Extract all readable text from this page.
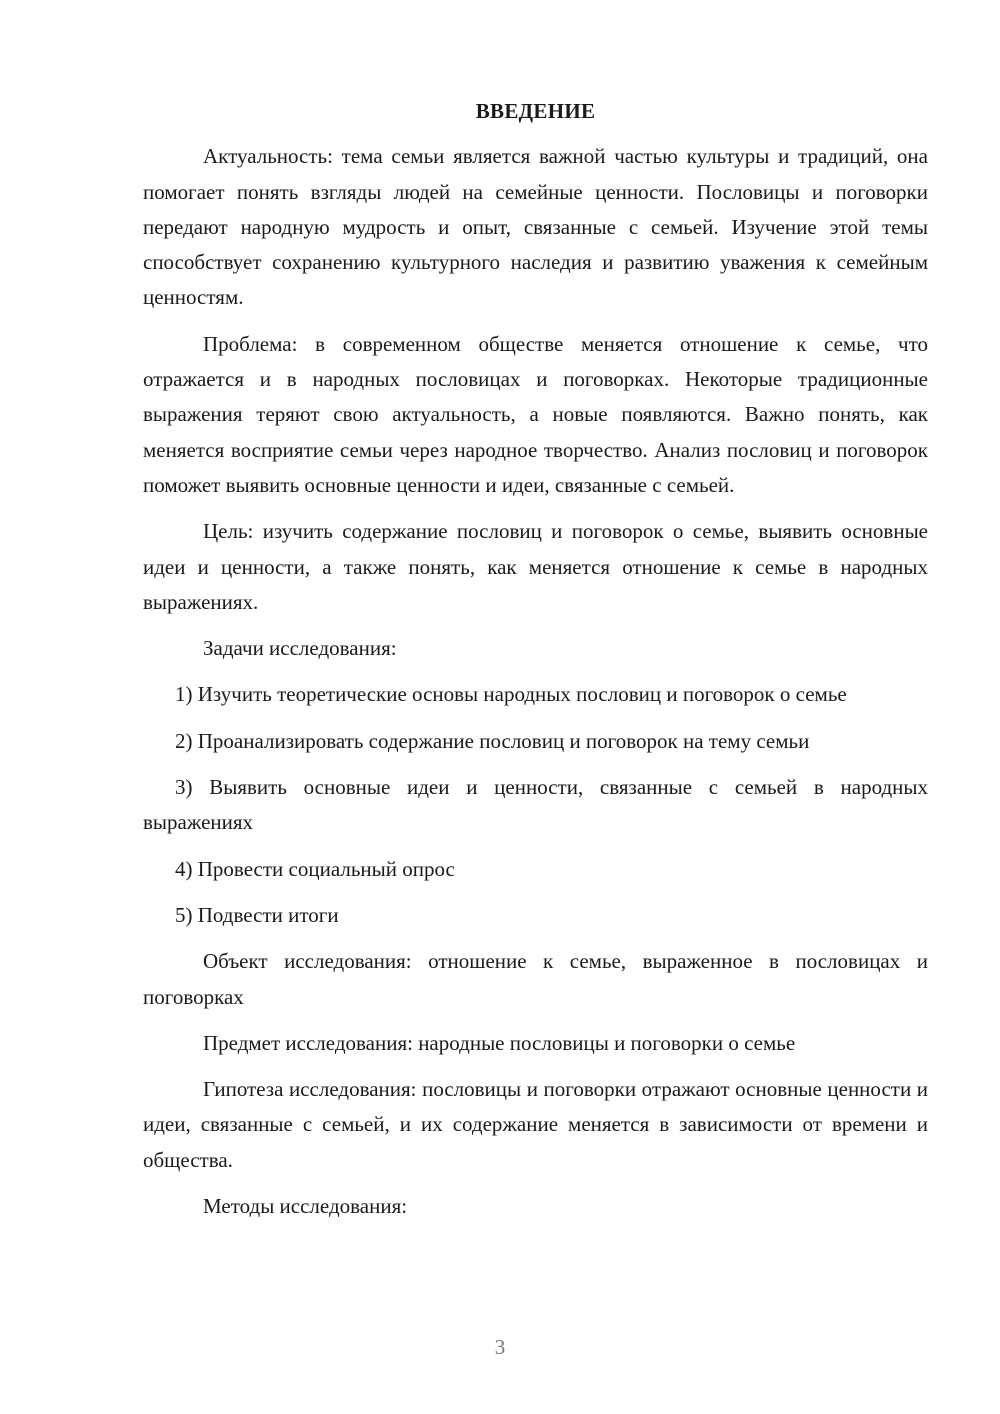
ВВЕДЕНИЕ

Актуальность: тема семьи является важной частью культуры и традиций, она помогает понять взгляды людей на семейные ценности. Пословицы и поговорки передают народную мудрость и опыт, связанные с семьей. Изучение этой темы способствует сохранению культурного наследия и развитию уважения к семейным ценностям.

Проблема: в современном обществе меняется отношение к семье, что отражается и в народных пословицах и поговорках. Некоторые традиционные выражения теряют свою актуальность, а новые появляются. Важно понять, как меняется восприятие семьи через народное творчество. Анализ пословиц и поговорок поможет выявить основные ценности и идеи, связанные с семьей.

Цель: изучить содержание пословиц и поговорок о семье, выявить основные идеи и ценности, а также понять, как меняется отношение к семье в народных выражениях.

Задачи исследования:

1) Изучить теоретические основы народных пословиц и поговорок о семье

2) Проанализировать содержание пословиц и поговорок на тему семьи

3) Выявить основные идеи и ценности, связанные с семьей в народных выражениях

4) Провести социальный опрос

5) Подвести итоги

Объект исследования: отношение к семье, выраженное в пословицах и поговорках

Предмет исследования: народные пословицы и поговорки о семье

Гипотеза исследования: пословицы и поговорки отражают основные ценности и идеи, связанные с семьей, и их содержание меняется в зависимости от времени и общества.

Методы исследования:

3
